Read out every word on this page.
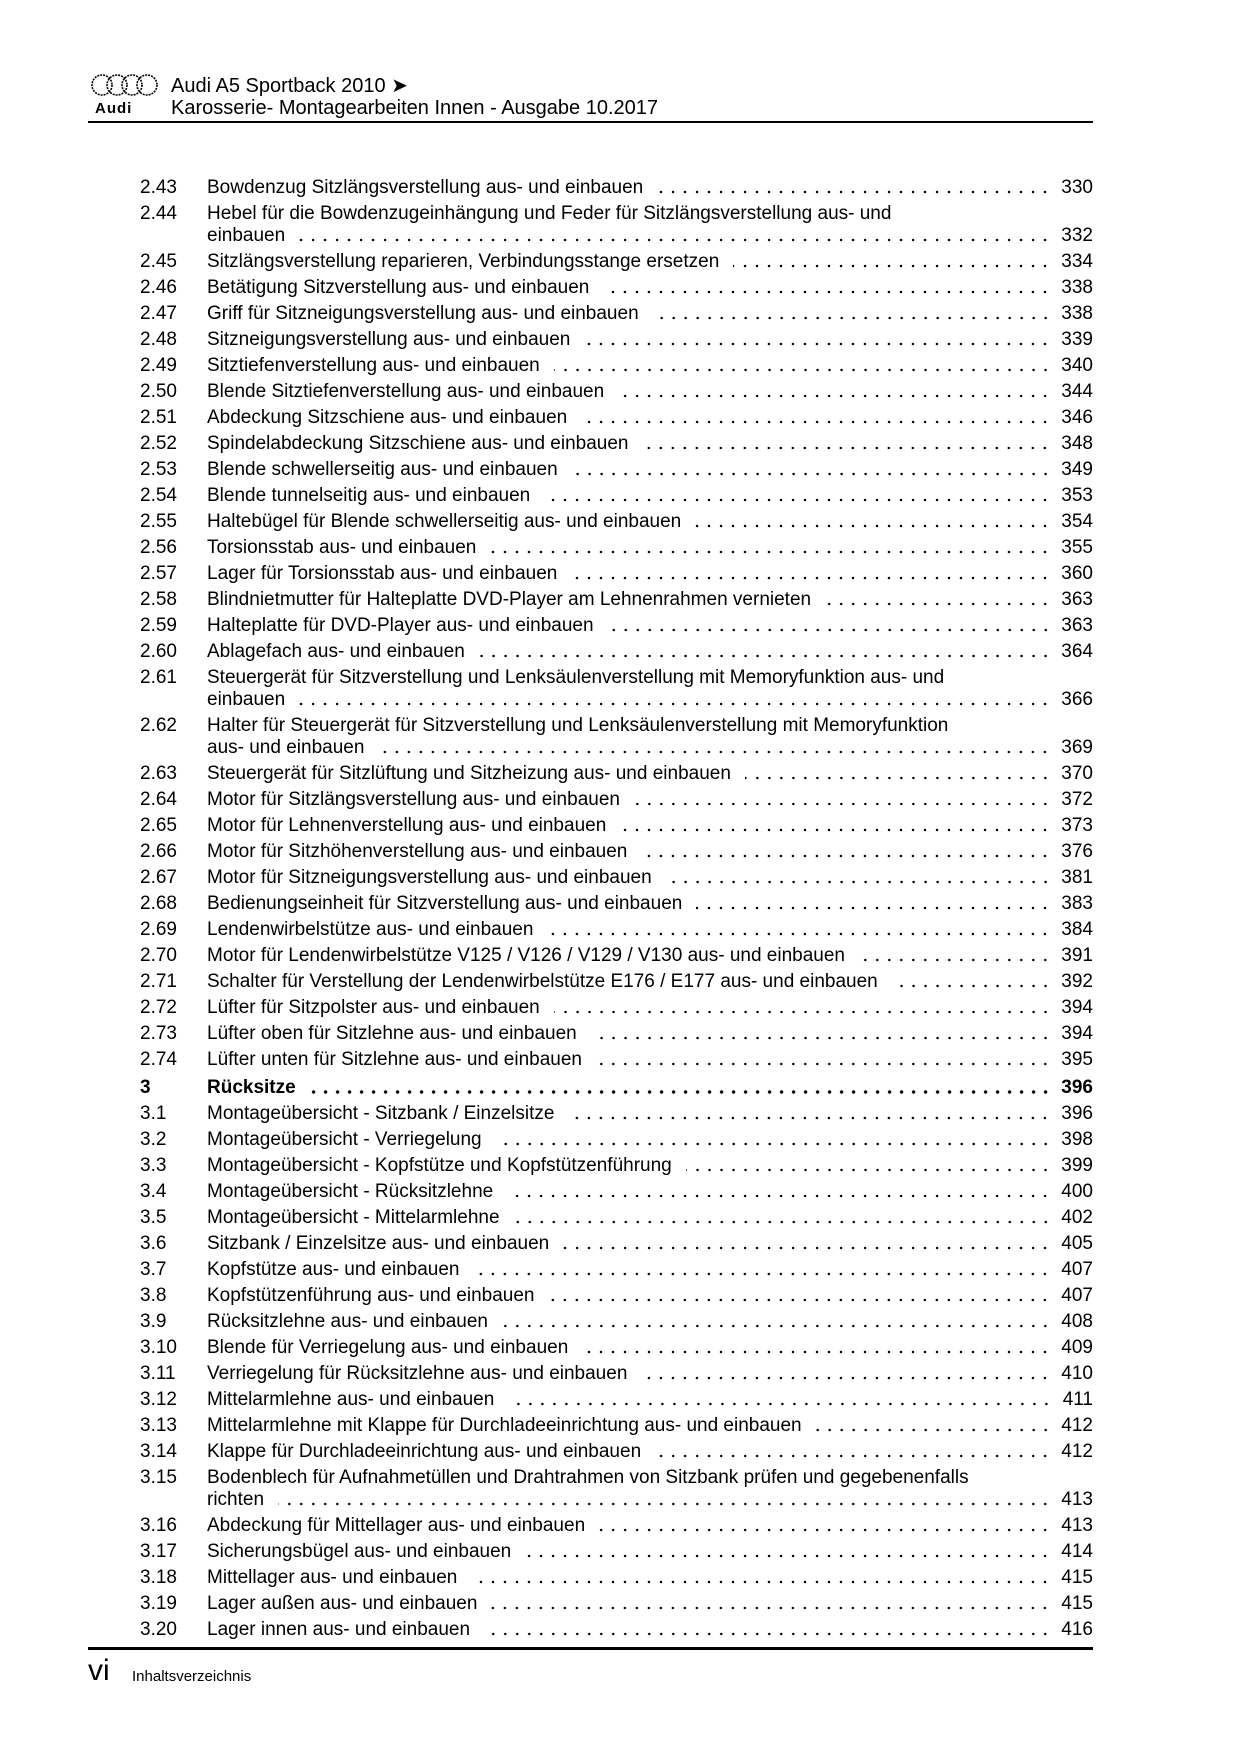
Audi
Audi A5 Sportback 2010 ➤
Karosserie- Montagearbeiten Innen - Ausgabe 10.2017
2.43	Bowdenzug Sitzlängsverstellung aus- und einbauen	330
2.44	Hebel für die Bowdenzugeinhängung und Feder für Sitzlängsverstellung aus- und
einbauen	332
2.45	Sitzlängsverstellung reparieren, Verbindungsstange ersetzen	334
2.46	Betätigung Sitzverstellung aus- und einbauen	338
2.47	Griff für Sitzneigungsverstellung aus- und einbauen	338
2.48	Sitzneigungsverstellung aus- und einbauen	339
2.49	Sitztiefenverstellung aus- und einbauen	340
2.50	Blende Sitztiefenverstellung aus- und einbauen	344
2.51	Abdeckung Sitzschiene aus- und einbauen	346
2.52	Spindelabdeckung Sitzschiene aus- und einbauen	348
2.53	Blende schwellerseitig aus- und einbauen	349
2.54	Blende tunnelseitig aus- und einbauen	353
2.55	Haltebügel für Blende schwellerseitig aus- und einbauen	354
2.56	Torsionsstab aus- und einbauen	355
2.57	Lager für Torsionsstab aus- und einbauen	360
2.58	Blindnietmutter für Halteplatte DVD-Player am Lehnenrahmen vernieten	363
2.59	Halteplatte für DVD-Player aus- und einbauen	363
2.60	Ablagefach aus- und einbauen	364
2.61	Steuergerät für Sitzverstellung und Lenksäulenverstellung mit Memoryfunktion aus- und
einbauen	366
2.62	Halter für Steuergerät für Sitzverstellung und Lenksäulenverstellung mit Memoryfunktion
aus- und einbauen	369
2.63	Steuergerät für Sitzlüftung und Sitzheizung aus- und einbauen	370
2.64	Motor für Sitzlängsverstellung aus- und einbauen	372
2.65	Motor für Lehnenverstellung aus- und einbauen	373
2.66	Motor für Sitzhöhenverstellung aus- und einbauen	376
2.67	Motor für Sitzneigungsverstellung aus- und einbauen	381
2.68	Bedienungseinheit für Sitzverstellung aus- und einbauen	383
2.69	Lendenwirbelstütze aus- und einbauen	384
2.70	Motor für Lendenwirbelstütze V125 / V126 / V129 / V130 aus- und einbauen	391
2.71	Schalter für Verstellung der Lendenwirbelstütze E176 / E177 aus- und einbauen	392
2.72	Lüfter für Sitzpolster aus- und einbauen	394
2.73	Lüfter oben für Sitzlehne aus- und einbauen	394
2.74	Lüfter unten für Sitzlehne aus- und einbauen	395
3	Rücksitze	396
3.1	Montageübersicht - Sitzbank / Einzelsitze	396
3.2	Montageübersicht - Verriegelung	398
3.3	Montageübersicht - Kopfstütze und Kopfstützenführung	399
3.4	Montageübersicht - Rücksitzlehne	400
3.5	Montageübersicht - Mittelarmlehne	402
3.6	Sitzbank / Einzelsitze aus- und einbauen	405
3.7	Kopfstütze aus- und einbauen	407
3.8	Kopfstützenführung aus- und einbauen	407
3.9	Rücksitzlehne aus- und einbauen	408
3.10	Blende für Verriegelung aus- und einbauen	409
3.11	Verriegelung für Rücksitzlehne aus- und einbauen	410
3.12	Mittelarmlehne aus- und einbauen	411
3.13	Mittelarmlehne mit Klappe für Durchladeeinrichtung aus- und einbauen	412
3.14	Klappe für Durchladeeinrichtung aus- und einbauen	412
3.15	Bodenblech für Aufnahmetüllen und Drahtrahmen von Sitzbank prüfen und gegebenenfalls
richten	413
3.16	Abdeckung für Mittellager aus- und einbauen	413
3.17	Sicherungsbügel aus- und einbauen	414
3.18	Mittellager aus- und einbauen	415
3.19	Lager außen aus- und einbauen	415
3.20	Lager innen aus- und einbauen	416
vi Inhaltsverzeichnis
